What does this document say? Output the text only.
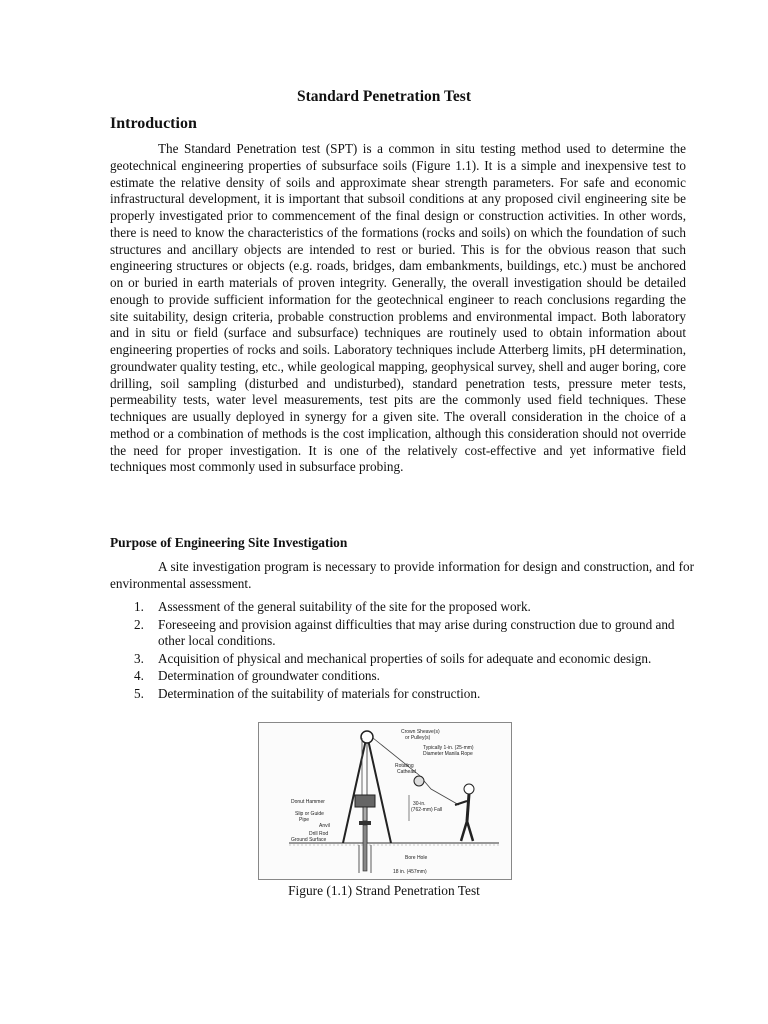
Standard Penetration Test
Introduction

The Standard Penetration test (SPT) is a common in situ testing method used to determine the geotechnical engineering properties of subsurface soils (Figure 1.1). It is a simple and inexpensive test to estimate the relative density of soils and approximate shear strength parameters. For safe and economic infrastructural development, it is important that subsoil conditions at any proposed civil engineering site be properly investigated prior to commencement of the final design or construction activities. In other words, there is need to know the characteristics of the formations (rocks and soils) on which the foundation of such structures and ancillary objects are intended to rest or buried. This is for the obvious reason that such engineering structures or objects (e.g. roads, bridges, dam embankments, buildings, etc.) must be anchored on or buried in earth materials of proven integrity. Generally, the overall investigation should be detailed enough to provide sufficient information for the geotechnical engineer to reach conclusions regarding the site suitability, design criteria, probable construction problems and environmental impact. Both laboratory and in situ or field (surface and subsurface) techniques are routinely used to obtain information about engineering properties of rocks and soils. Laboratory techniques include Atterberg limits, pH determination, groundwater quality testing, etc., while geological mapping, geophysical survey, shell and auger boring, core drilling, soil sampling (disturbed and undisturbed), standard penetration tests, pressure meter tests, permeability tests, water level measurements, test pits are the commonly used field techniques. These techniques are usually deployed in synergy for a given site. The overall consideration in the choice of a method or a combination of methods is the cost implication, although this consideration should not override the need for proper investigation. It is one of the relatively cost-effective and yet informative field techniques most commonly used in subsurface probing.

Purpose of Engineering Site Investigation

A site investigation program is necessary to provide information for design and construction, and for environmental assessment.

1. Assessment of the general suitability of the site for the proposed work.
2. Foreseeing and provision against difficulties that may arise during construction due to ground and other local conditions.
3. Acquisition of physical and mechanical properties of soils for adequate and economic design.
4. Determination of groundwater conditions.
5. Determination of the suitability of materials for construction.
Crown Sheave(s)
or Pulley(s)
Typically 1-in. (25-mm)
Diameter Manila Rope
Rotating
Cathead
Donut Hammer
Slip or Guide
Pipe
Anvil
Drill Rod
Ground Surface
30-in.
(762-mm) Fall
Bore Hole
18 in. (457mm)
Figure (1.1) Strand Penetration Test
